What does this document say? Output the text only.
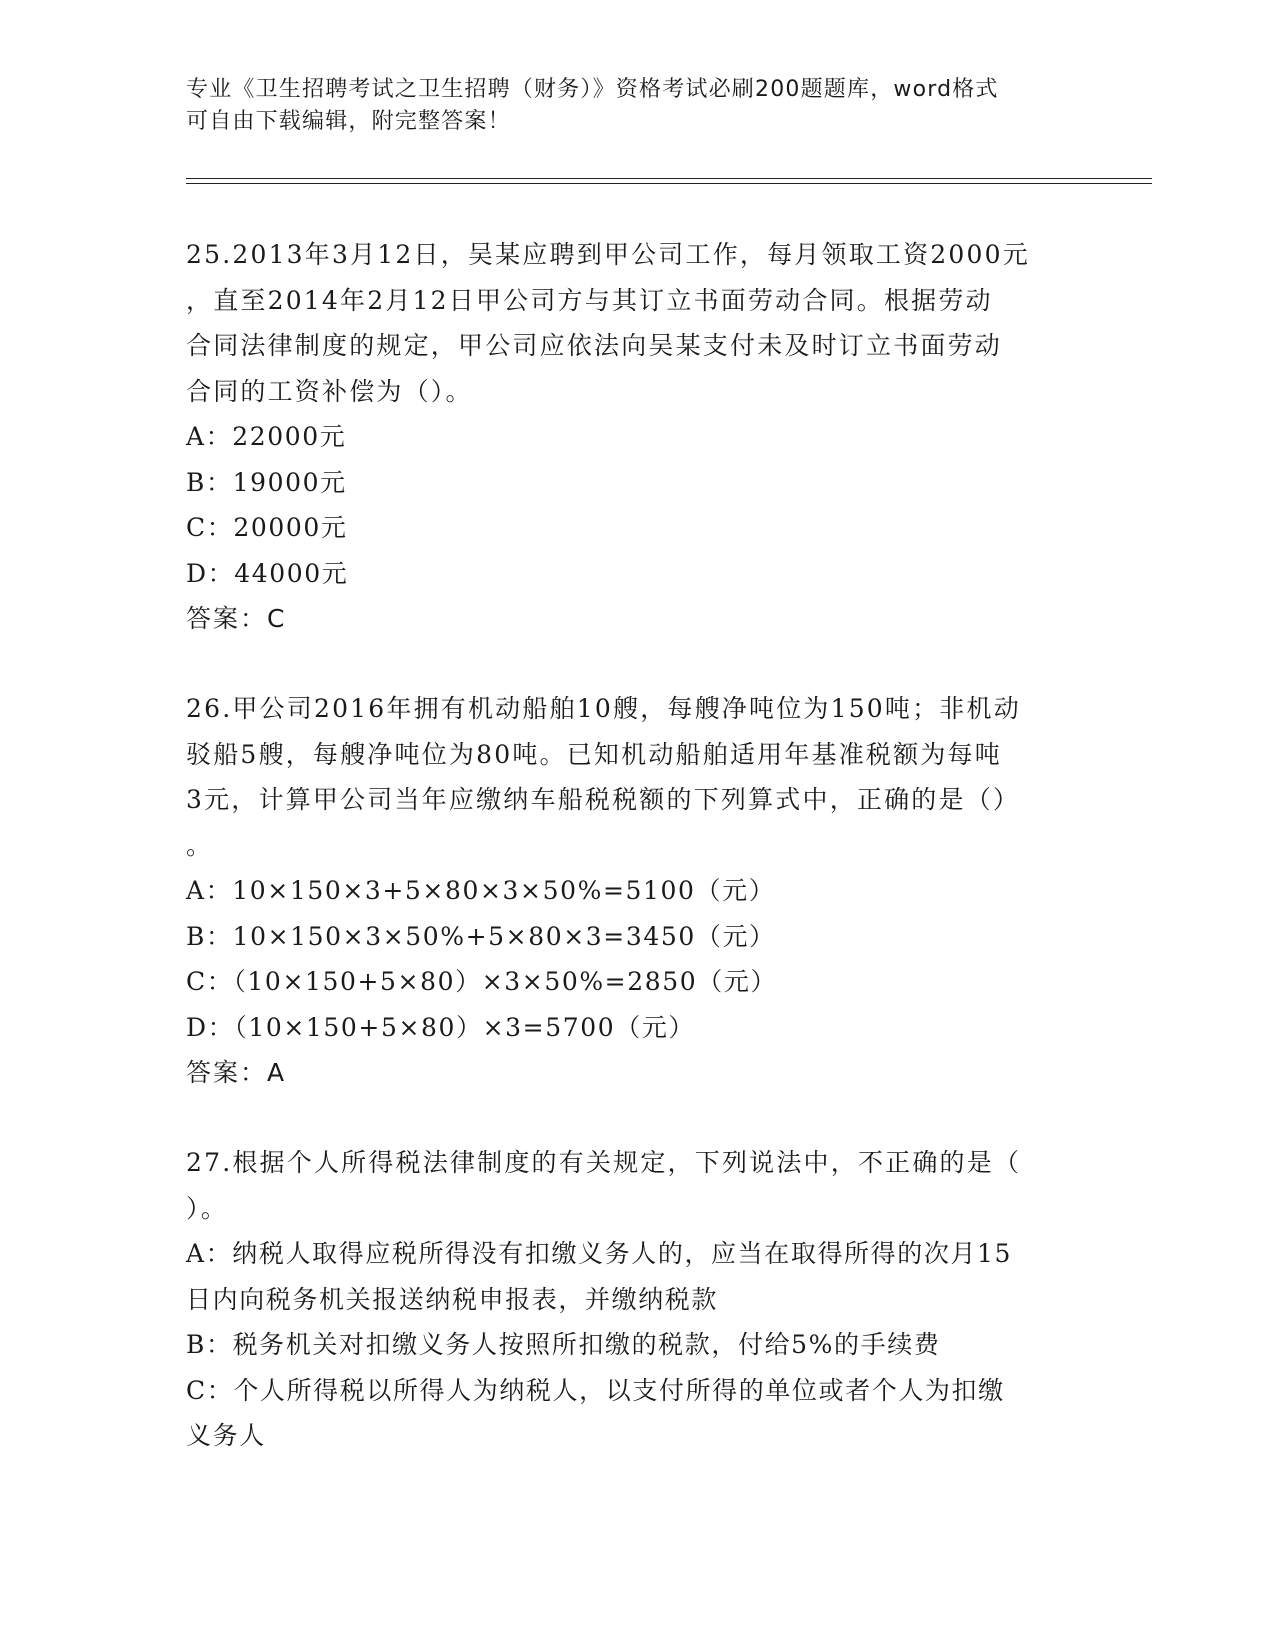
专业《卫生招聘考试之卫生招聘（财务）》资格考试必刷200题题库，word格式

可自由下载编辑，附完整答案！

25.2013年3月12日，吴某应聘到甲公司工作，每月领取工资2000元

，直至2014年2月12日甲公司方与其订立书面劳动合同。根据劳动

合同法律制度的规定，甲公司应依法向吴某支付未及时订立书面劳动

合同的工资补偿为（）。

A：22000元

B：19000元

C：20000元

D：44000元

答案：C

26.甲公司2016年拥有机动船舶10艘，每艘净吨位为150吨；非机动

驳船5艘，每艘净吨位为80吨。已知机动船舶适用年基准税额为每吨

3元，计算甲公司当年应缴纳车船税税额的下列算式中，正确的是（）

。

A：10×150×3+5×80×3×50%=5100（元）

B：10×150×3×50%+5×80×3=3450（元）

C：（10×150+5×80）×3×50%=2850（元）

D：（10×150+5×80）×3=5700（元）

答案：A

27.根据个人所得税法律制度的有关规定，下列说法中，不正确的是（

）。

A：纳税人取得应税所得没有扣缴义务人的，应当在取得所得的次月15

日内向税务机关报送纳税申报表，并缴纳税款

B：税务机关对扣缴义务人按照所扣缴的税款，付给5%的手续费

C：个人所得税以所得人为纳税人，以支付所得的单位或者个人为扣缴

义务人
